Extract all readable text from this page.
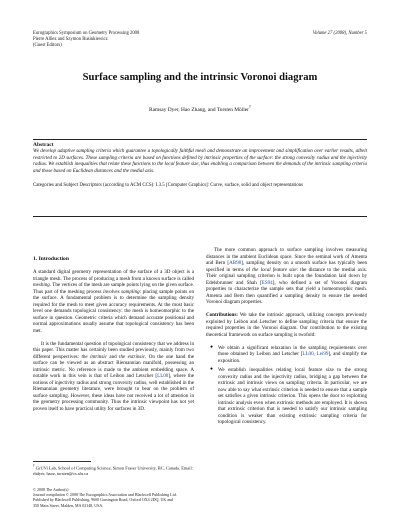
Eurographics Symposium on Geometry Processing 2008
Pierre Alliez and Szymon Rusinkiewicz
(Guest Editors)
Volume 27 (2008), Number 5
Surface sampling and the intrinsic Voronoi diagram
Ramsay Dyer, Hao Zhang, and Torsten Möller†
Abstract
We develop adaptive sampling criteria which guarantee a topologically faithful mesh and demonstrate an improvement and simplification over earlier results, albeit restricted to 2D surfaces. These sampling criteria are based on functions defined by intrinsic properties of the surface: the strong convexity radius and the injectivity radius. We establish inequalities that relate these functions to the local feature size, thus enabling a comparison between the demands of the intrinsic sampling criteria and those based on Euclidean distances and the medial axis.
Categories and Subject Descriptors (according to ACM CCS): I.3.5 [Computer Graphics]: Curve, surface, solid and object representations
1. Introduction

A standard digital geometry representation of the surface of a 3D object is a triangle mesh. The process of producing a mesh from a known surface is called meshing. The vertices of the mesh are sample points lying on the given surface. Thus part of the meshing process involves sampling: placing sample points on the surface. A fundamental problem is to determine the sampling density required for the mesh to meet given accuracy requirements. At the most basic level one demands topological consistency: the mesh is homeomorphic to the surface in question. Geometric criteria which demand accurate positional and normal approximations usually assume that topological consistency has been met.

It is the fundamental question of topological consistency that we address in this paper. This matter has certainly been studied previously, mainly from two different perspectives: the intrinsic and the extrinsic. On the one hand the surface can be viewed as an abstract Riemannian manifold, possessing an intrinsic metric. No reference is made to the ambient embedding space. A notable work in this vein is that of Leibon and Letscher [LL00], where the notions of injectivity radius and strong convexity radius, well established in the Riemannian geometry literature, were brought to bear on the problem of surface sampling. However, these ideas have not received a lot of attention in the geometry processing community. Thus the intrinsic viewpoint has not yet proven itself to have practical utility for surfaces in 3D.

The more common approach to surface sampling involves measuring distances in the ambient Euclidean space. Since the seminal work of Amenta and Bern [AB98], sampling density on a smooth surface has typically been specified in terms of the local feature size: the distance to the medial axis. Their original sampling criterion is built upon the foundation laid down by Edelsbrunner and Shah [ES94], who defined a set of Voronoi diagram properties to characterize the sample sets that yield a homeomorphic mesh. Amenta and Bern then quantified a sampling density to ensure the needed Voronoi diagram properties.

Contributions: We take the intrinsic approach, utilizing concepts previously exploited by Leibon and Letscher to define sampling criteria that ensure the required properties in the Voronoi diagram. Our contribution to the existing theoretical framework on surface sampling is twofold:

● We obtain a significant relaxation in the sampling requirements over those obtained by Leibon and Letscher [LL00, Lei99], and simplify the exposition.
● We establish inequalities relating local feature size to the strong convexity radius and the injectivity radius, bridging a gap between the extrinsic and intrinsic views on sampling criteria. In particular, we are now able to say what extrinsic criterion is needed to ensure that a sample set satisfies a given intrinsic criterion. This opens the door to exploiting intrinsic analysis even when extrinsic methods are employed. It is shown that extrinsic criterion that is needed to satisfy our intrinsic sampling condition is weaker than existing extrinsic sampling criteria for topological consistency.
† GrUVi Lab, School of Computing Science, Simon Fraser University, BC, Canada. Email: rhdyer, haoz, torsten@cs.sfu.ca
© 2008 The Author(s)
Journal compilation © 2008 The Eurographics Association and Blackwell Publishing Ltd.
Published by Blackwell Publishing, 9600 Garsington Road, Oxford OX4 2DQ, UK and
350 Main Street, Malden, MA 02148, USA.
